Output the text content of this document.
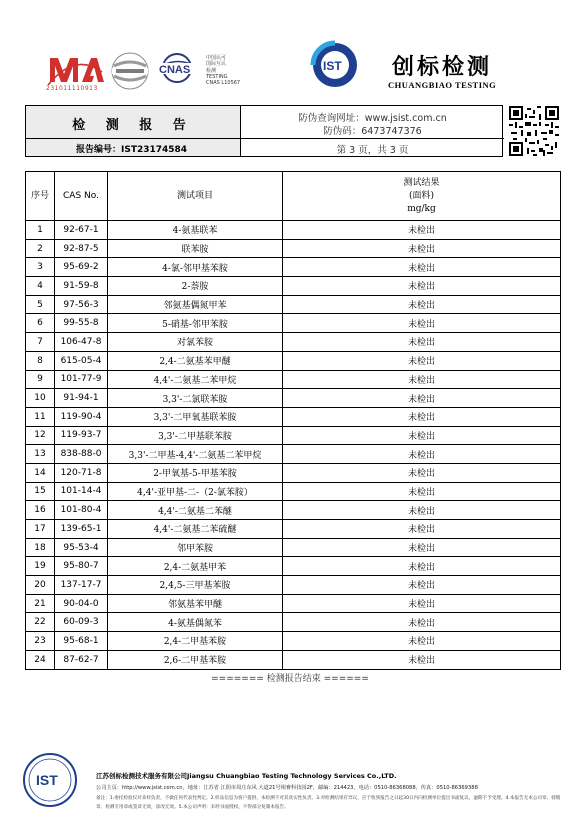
231011110913
CNAS
中国认可
国际互认
检测
TESTING
CNAS L10567
IST 创标检测
CHUANGBIAO TESTING
检 测 报 告
报告编号：IST23174584
防伪查询网址：www.jsist.com.cn
防伪码：6473747376
第 3 页，共 3 页
序号	CAS No.	测试项目	测试结果
(面料)
mg/kg

1	92-67-1	4-氨基联苯	未检出
2	92-87-5	联苯胺	未检出
3	95-69-2	4-氯-邻甲基苯胺	未检出
4	91-59-8	2-萘胺	未检出
5	97-56-3	邻氨基偶氮甲苯	未检出
6	99-55-8	5-硝基-邻甲苯胺	未检出
7	106-47-8	对氯苯胺	未检出
8	615-05-4	2,4-二氨基苯甲醚	未检出
9	101-77-9	4,4'-二氨基二苯甲烷	未检出
10	91-94-1	3,3'-二氯联苯胺	未检出
11	119-90-4	3,3'-二甲氧基联苯胺	未检出
12	119-93-7	3,3'-二甲基联苯胺	未检出
13	838-88-0	3,3'-二甲基-4,4'-二氨基二苯甲烷	未检出
14	120-71-8	2-甲氧基-5-甲基苯胺	未检出
15	101-14-4	4,4'-亚甲基-二-（2-氯苯胺）	未检出
16	101-80-4	4,4'-二氨基二苯醚	未检出
17	139-65-1	4,4'-二氨基二苯硫醚	未检出
18	95-53-4	邻甲苯胺	未检出
19	95-80-7	2,4-二氨基甲苯	未检出
20	137-17-7	2,4,5-三甲基苯胺	未检出
21	90-04-0	邻氨基苯甲醚	未检出
22	60-09-3	4-氨基偶氮苯	未检出
23	95-68-1	2,4-二甲基苯胺	未检出
24	87-62-7	2,6-二甲基苯胺	未检出
======= 检测报告结束 ======
IST	江苏创标检测技术服务有限公司Jiangsu Chuangbiao Testing Technology Services Co.,LTD.
公司主页：http://www.jsist.com.cn，地址：江苏省 江阴市周庄东风 大道21号锡膏科技园2F，邮编：214423，电话：0510-86368088，传真：0510-86369388
备注：1.委托检验仅对来样负责，不做任何代表性判定。2.样品信息为客户提供，本检测不对其真实性负责。3.对检测结果有异议，应于收到报告之日起30日内向检测单位提出书面复议，逾期不予受理。4.本报告无本公司章、骑缝章、检测专用章或签章无效，涂改无效。5.本公司声明：未经书面授权，不得部分复制本报告。
